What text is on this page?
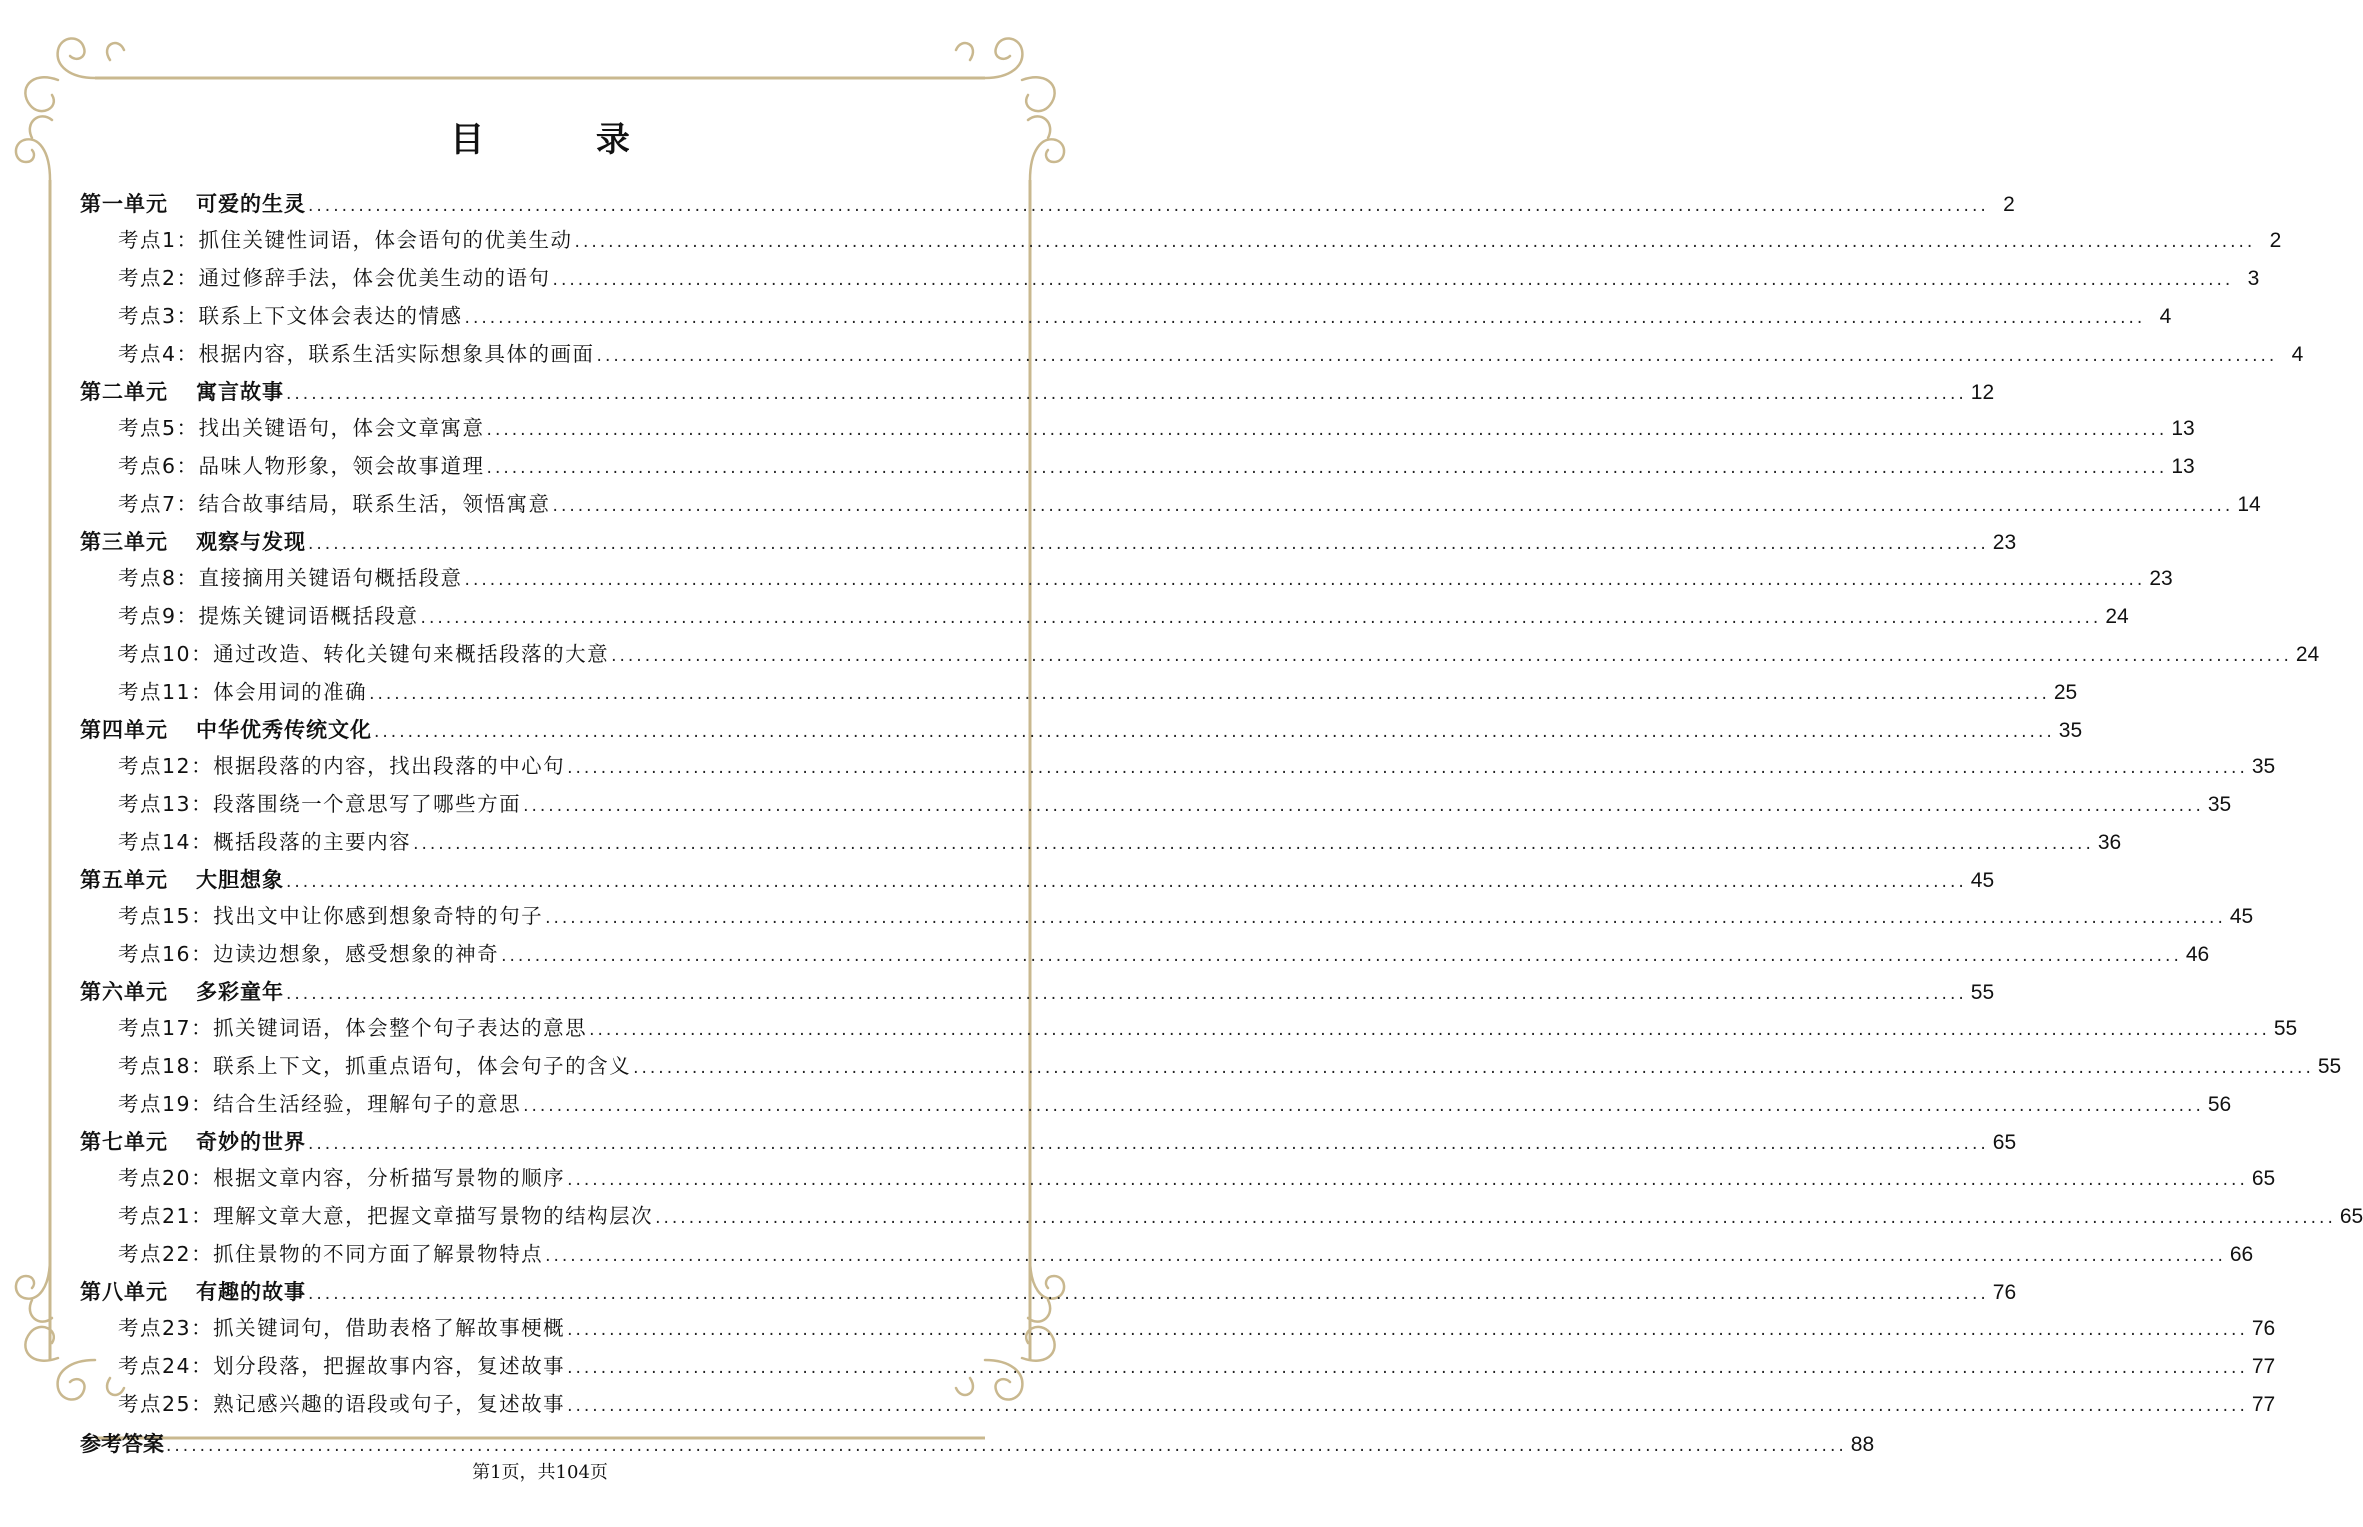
目 录
第一单元 可爱的生灵 ........................................................................................................................................................................................................ 2
考点1：抓住关键性词语，体会语句的优美生动 ........................................................................................................................................................................................................ 2
考点2：通过修辞手法，体会优美生动的语句 ........................................................................................................................................................................................................ 3
考点3：联系上下文体会表达的情感 ........................................................................................................................................................................................................ 4
考点4：根据内容，联系生活实际想象具体的画面 ........................................................................................................................................................................................................ 4
第二单元 寓言故事 ........................................................................................................................................................................................................ 12
考点5：找出关键语句，体会文章寓意 ........................................................................................................................................................................................................ 13
考点6：品味人物形象，领会故事道理 ........................................................................................................................................................................................................ 13
考点7：结合故事结局，联系生活，领悟寓意 ........................................................................................................................................................................................................ 14
第三单元 观察与发现 ........................................................................................................................................................................................................ 23
考点8：直接摘用关键语句概括段意 ........................................................................................................................................................................................................ 23
考点9：提炼关键词语概括段意 ........................................................................................................................................................................................................ 24
考点10：通过改造、转化关键句来概括段落的大意 ........................................................................................................................................................................................................ 24
考点11：体会用词的准确 ........................................................................................................................................................................................................ 25
第四单元 中华优秀传统文化 ........................................................................................................................................................................................................ 35
考点12：根据段落的内容，找出段落的中心句 ........................................................................................................................................................................................................ 35
考点13：段落围绕一个意思写了哪些方面 ........................................................................................................................................................................................................ 35
考点14：概括段落的主要内容 ........................................................................................................................................................................................................ 36
第五单元 大胆想象 ........................................................................................................................................................................................................ 45
考点15：找出文中让你感到想象奇特的句子 ........................................................................................................................................................................................................ 45
考点16：边读边想象，感受想象的神奇 ........................................................................................................................................................................................................ 46
第六单元 多彩童年 ........................................................................................................................................................................................................ 55
考点17：抓关键词语，体会整个句子表达的意思 ........................................................................................................................................................................................................ 55
考点18：联系上下文，抓重点语句，体会句子的含义 ........................................................................................................................................................................................................ 55
考点19：结合生活经验，理解句子的意思 ........................................................................................................................................................................................................ 56
第七单元 奇妙的世界 ........................................................................................................................................................................................................ 65
考点20：根据文章内容，分析描写景物的顺序 ........................................................................................................................................................................................................ 65
考点21：理解文章大意，把握文章描写景物的结构层次 ........................................................................................................................................................................................................ 65
考点22：抓住景物的不同方面了解景物特点 ........................................................................................................................................................................................................ 66
第八单元 有趣的故事 ........................................................................................................................................................................................................ 76
考点23：抓关键词句，借助表格了解故事梗概 ........................................................................................................................................................................................................ 76
考点24：划分段落，把握故事内容，复述故事 ........................................................................................................................................................................................................ 77
考点25：熟记感兴趣的语段或句子，复述故事 ........................................................................................................................................................................................................ 77
参考答案 ........................................................................................................................................................................................................ 88
第1页，共104页
